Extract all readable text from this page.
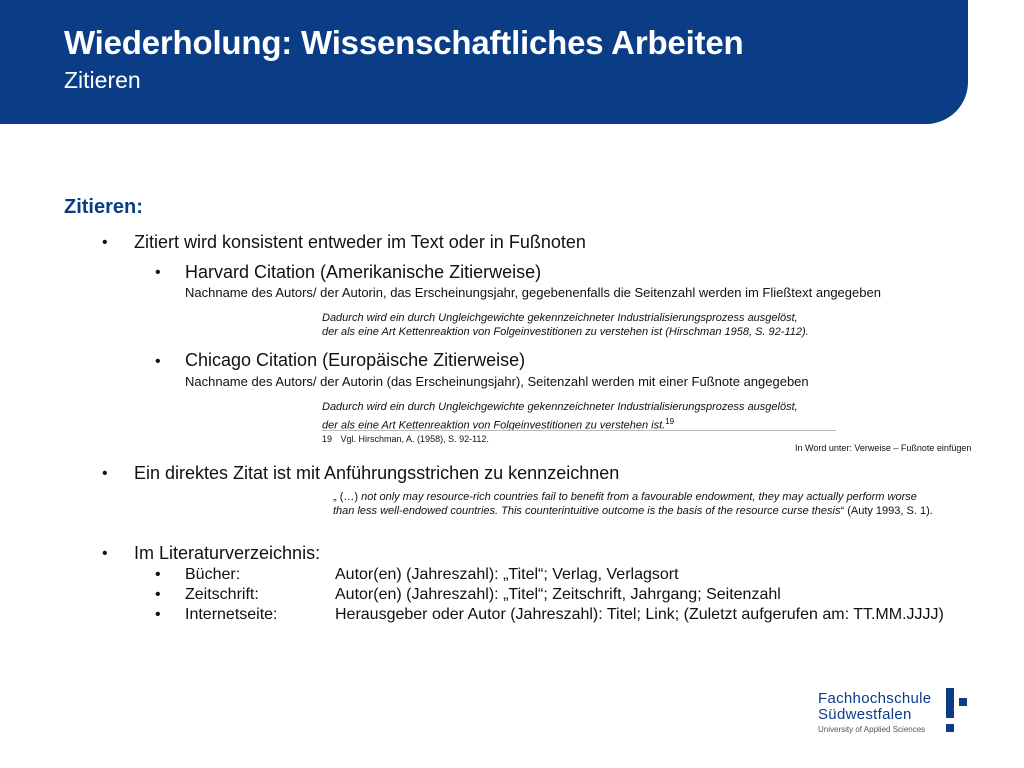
Wiederholung: Wissenschaftliches Arbeiten
Zitieren
Zitieren:
• Zitiert wird konsistent entweder im Text oder in Fußnoten
• Harvard Citation (Amerikanische Zitierweise)
Nachname des Autors/ der Autorin, das Erscheinungsjahr, gegebenenfalls die Seitenzahl werden im Fließtext angegeben
Dadurch wird ein durch Ungleichgewichte gekennzeichneter Industrialisierungsprozess ausgelöst,
der als eine Art Kettenreaktion von Folgeinvestitionen zu verstehen ist (Hirschman 1958, S. 92-112).
• Chicago Citation (Europäische Zitierweise)
Nachname des Autors/ der Autorin (das Erscheinungsjahr), Seitenzahl werden mit einer Fußnote angegeben
Dadurch wird ein durch Ungleichgewichte gekennzeichneter Industrialisierungsprozess ausgelöst,
der als eine Art Kettenreaktion von Folgeinvestitionen zu verstehen ist.$^{19}$
19 Vgl. Hirschman, A. (1958), S. 92-112.
In Word unter: Verweise – Fußnote einfügen
• Ein direktes Zitat ist mit Anführungsstrichen zu kennzeichnen
„ (…) not only may resource-rich countries fail to benefit from a favourable endowment, they may actually perform worse
than less well-endowed countries. This counterintuitive outcome is the basis of the resource curse thesis“ (Auty 1993, S. 1).
• Im Literaturverzeichnis:
• Bücher:	Autor(en) (Jahreszahl): „Titel“; Verlag, Verlagsort
• Zeitschrift:	Autor(en) (Jahreszahl): „Titel“; Zeitschrift, Jahrgang; Seitenzahl
• Internetseite:	Herausgeber oder Autor (Jahreszahl): Titel; Link; (Zuletzt aufgerufen am: TT.MM.JJJJ)
Fachhochschule
Südwestfalen
University of Applied Sciences
